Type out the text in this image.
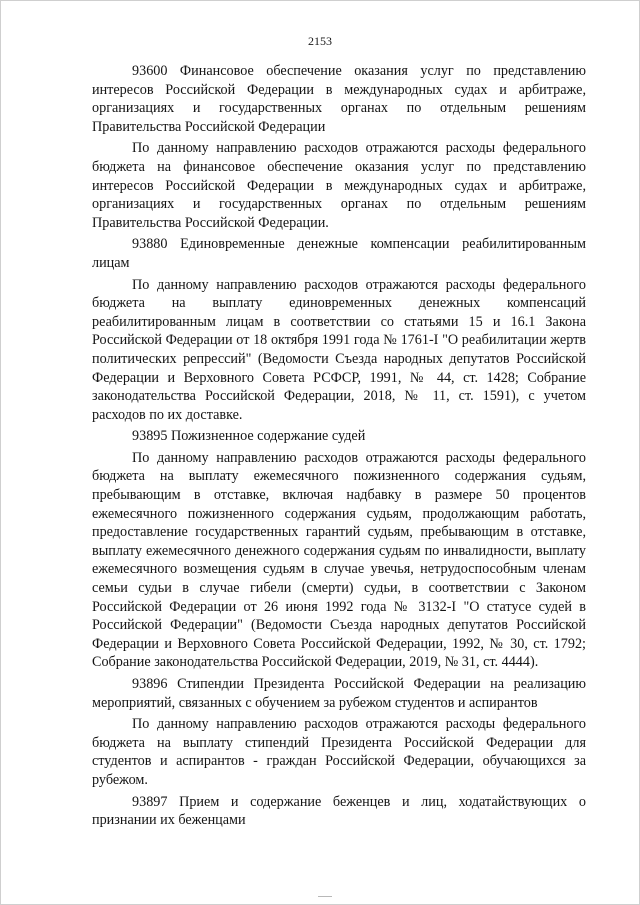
2153

93600 Финансовое обеспечение оказания услуг по представлению интересов Российской Федерации в международных судах и арбитраже, организациях и государственных органах по отдельным решениям Правительства Российской Федерации

По данному направлению расходов отражаются расходы федерального бюджета на финансовое обеспечение оказания услуг по представлению интересов Российской Федерации в международных судах и арбитраже, организациях и государственных органах по отдельным решениям Правительства Российской Федерации.

93880 Единовременные денежные компенсации реабилитированным лицам

По данному направлению расходов отражаются расходы федерального бюджета на выплату единовременных денежных компенсаций реабилитированным лицам в соответствии со статьями 15 и 16.1 Закона Российской Федерации от 18 октября 1991 года № 1761-I "О реабилитации жертв политических репрессий" (Ведомости Съезда народных депутатов Российской Федерации и Верховного Совета РСФСР, 1991, № 44, ст. 1428; Собрание законодательства Российской Федерации, 2018, № 11, ст. 1591), с учетом расходов по их доставке.

93895 Пожизненное содержание судей

По данному направлению расходов отражаются расходы федерального бюджета на выплату ежемесячного пожизненного содержания судьям, пребывающим в отставке, включая надбавку в размере 50 процентов ежемесячного пожизненного содержания судьям, продолжающим работать, предоставление государственных гарантий судьям, пребывающим в отставке, выплату ежемесячного денежного содержания судьям по инвалидности, выплату ежемесячного возмещения судьям в случае увечья, нетрудоспособным членам семьи судьи в случае гибели (смерти) судьи, в соответствии с Законом Российской Федерации от 26 июня 1992 года № 3132-I "О статусе судей в Российской Федерации" (Ведомости Съезда народных депутатов Российской Федерации и Верховного Совета Российской Федерации, 1992, № 30, ст. 1792; Собрание законодательства Российской Федерации, 2019, № 31, ст. 4444).

93896 Стипендии Президента Российской Федерации на реализацию мероприятий, связанных с обучением за рубежом студентов и аспирантов

По данному направлению расходов отражаются расходы федерального бюджета на выплату стипендий Президента Российской Федерации для студентов и аспирантов - граждан Российской Федерации, обучающихся за рубежом.

93897 Прием и содержание беженцев и лиц, ходатайствующих о признании их беженцами
